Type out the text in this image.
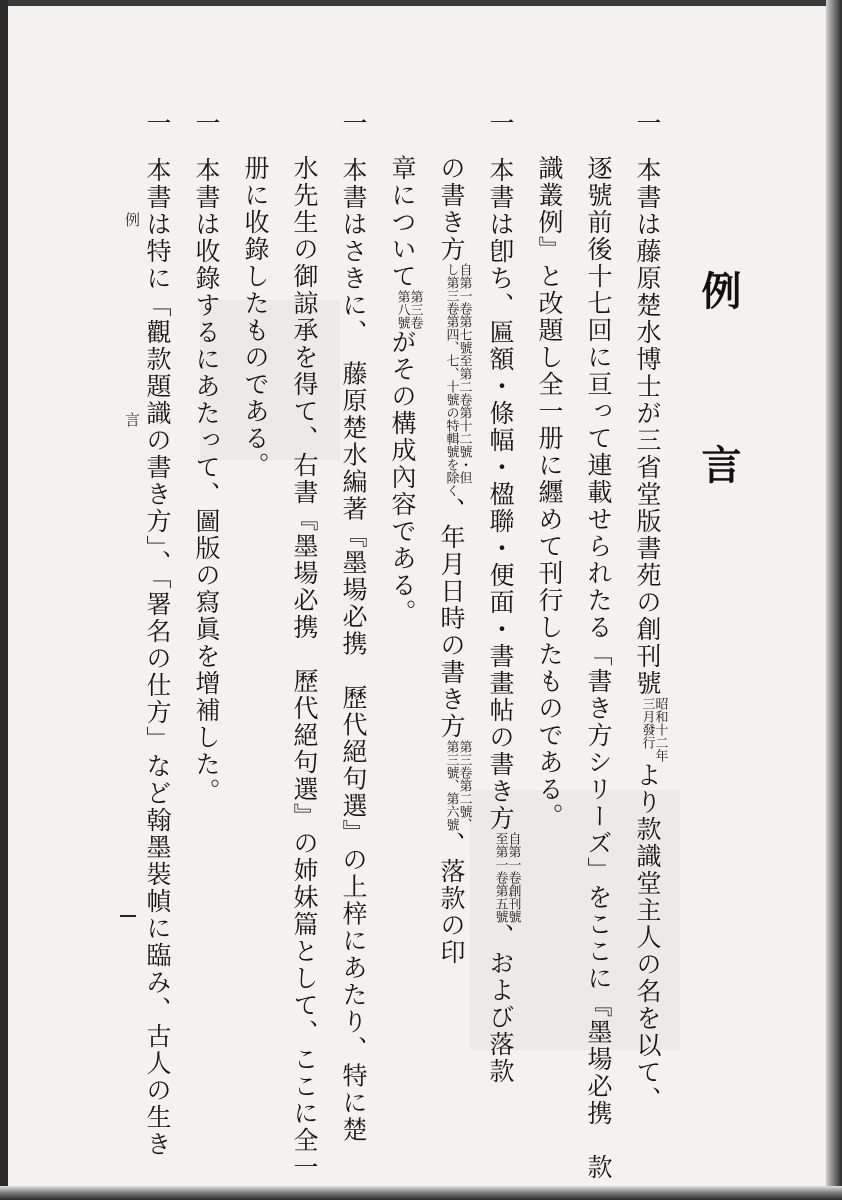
例 言
一本書は藤原楚水博士が三省堂版書苑の創刊號
昭和十二年
三月發行
より款識堂主人の名を以て、
逐號前後十七回に亘って連載せられたる「書き方シリーズ」をここに『墨場必携　款
識叢例』と改題し全一册に纒めて刊行したものである。
一本書は卽ち、匾額・條幅・楹聯・便面・書畫帖の書き方
自第一卷創刊號
至第一卷第五號
、および落款
の書き方
自第一卷第七號至第二卷第十二號・但
し第三卷第四、七、十號の特輯號を除く
、年月日時の書き方
第三卷第二號、
第三號、第六號
、落款の印
章について
第三卷
第八號
がその構成內容である。
一本書はさきに、　藤原楚水編著『墨場必携　歷代絕句選』の上梓にあたり、特に楚
水先生の御諒承を得て、右書『墨場必携　歷代絕句選』の姉妹篇として、ここに全一
册に收錄したものである。
一本書は收錄するにあたって、圖版の寫眞を增補した。
一本書は特に「觀款題識の書き方」、「署名の仕方」など翰墨裝幀に臨み、古人の生き
例 言
